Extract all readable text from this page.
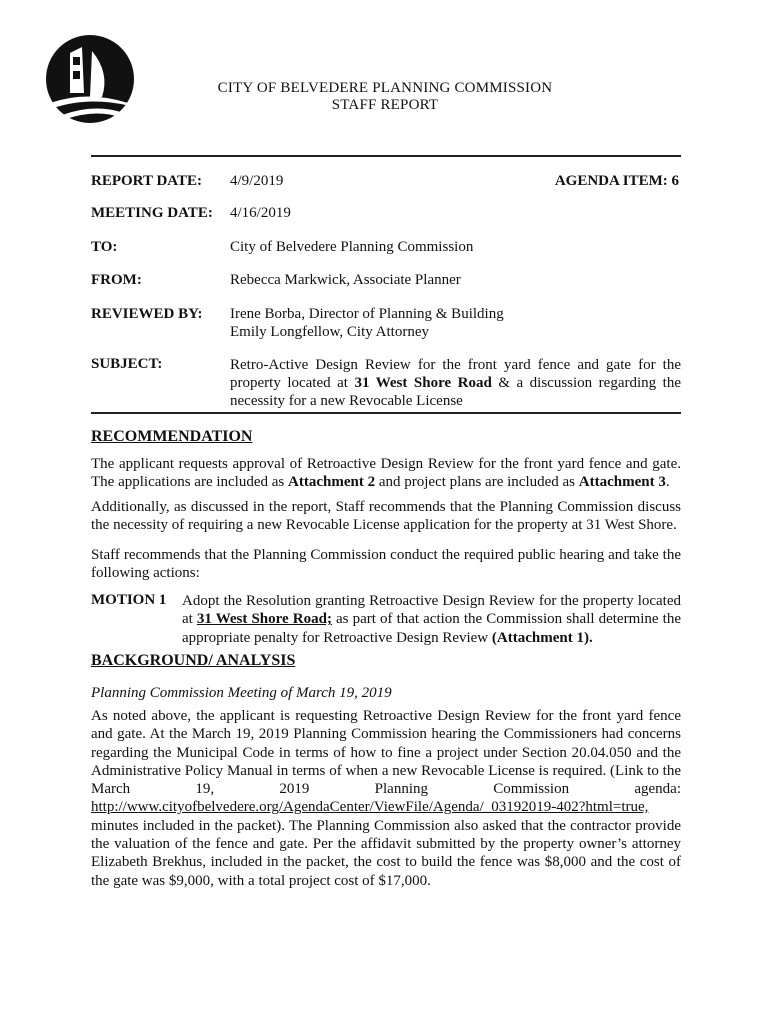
CITY OF BELVEDERE PLANNING COMMISSION
STAFF REPORT
REPORT DATE: 4/9/2019	AGENDA ITEM: 6
MEETING DATE: 4/16/2019
TO:	City of Belvedere Planning Commission
FROM:	Rebecca Markwick, Associate Planner
REVIEWED BY: Irene Borba, Director of Planning & Building
Emily Longfellow, City Attorney
SUBJECT:	Retro-Active Design Review for the front yard fence and gate for the property located at 31 West Shore Road & a discussion regarding the necessity for a new Revocable License
RECOMMENDATION
The applicant requests approval of Retroactive Design Review for the front yard fence and gate. The applications are included as Attachment 2 and project plans are included as Attachment 3.
Additionally, as discussed in the report, Staff recommends that the Planning Commission discuss the necessity of requiring a new Revocable License application for the property at 31 West Shore.
Staff recommends that the Planning Commission conduct the required public hearing and take the following actions:
MOTION 1 Adopt the Resolution granting Retroactive Design Review for the property located at 31 West Shore Road; as part of that action the Commission shall determine the appropriate penalty for Retroactive Design Review (Attachment 1).
BACKGROUND/ ANALYSIS
Planning Commission Meeting of March 19, 2019
As noted above, the applicant is requesting Retroactive Design Review for the front yard fence and gate. At the March 19, 2019 Planning Commission hearing the Commissioners had concerns regarding the Municipal Code in terms of how to fine a project under Section 20.04.050 and the Administrative Policy Manual in terms of when a new Revocable License is required. (Link to the March 19, 2019 Planning Commission agenda: http://www.cityofbelvedere.org/AgendaCenter/ViewFile/Agenda/_03192019-402?html=true, minutes included in the packet). The Planning Commission also asked that the contractor provide the valuation of the fence and gate. Per the affidavit submitted by the property owner’s attorney Elizabeth Brekhus, included in the packet, the cost to build the fence was $8,000 and the cost of the gate was $9,000, with a total project cost of $17,000.
